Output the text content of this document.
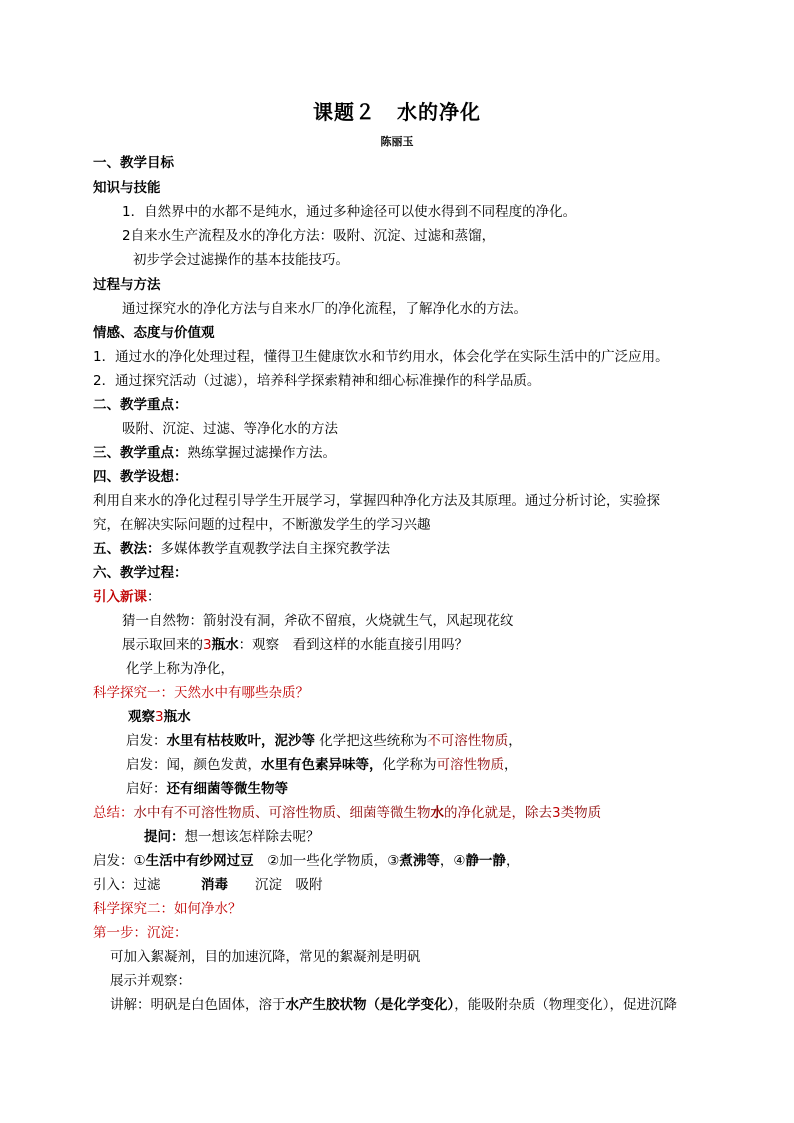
课题２　水的净化
陈丽玉
一、教学目标
知识与技能
1．自然界中的水都不是纯水，通过多种途径可以使水得到不同程度的净化。
2自来水生产流程及水的净化方法：吸附、沉淀、过滤和蒸馏，
初步学会过滤操作的基本技能技巧。
过程与方法
通过探究水的净化方法与自来水厂的净化流程，了解净化水的方法。
情感、态度与价值观
1．通过水的净化处理过程，懂得卫生健康饮水和节约用水，体会化学在实际生活中的广泛应用。
2．通过探究活动（过滤），培养科学探索精神和细心标准操作的科学品质。
二、教学重点：
吸附、沉淀、过滤、等净化水的方法
三、教学重点：熟练掌握过滤操作方法。
四、教学设想：
利用自来水的净化过程引导学生开展学习，掌握四种净化方法及其原理。通过分析讨论，实验探
究，在解决实际问题的过程中，不断激发学生的学习兴趣
五、教法：多媒体教学直观教学法自主探究教学法
六、教学过程：
引入新课：
猜一自然物：箭射没有洞，斧砍不留痕，火烧就生气，风起现花纹
展示取回来的3瓶水：观察　看到这样的水能直接引用吗？
化学上称为净化，
科学探究一：天然水中有哪些杂质？
观察3瓶水
启发：水里有枯枝败叶，泥沙等 化学把这些统称为不可溶性物质，
启发：闻，颜色发黄，水里有色素异味等，化学称为可溶性物质，
启好：还有细菌等微生物等
总结：水中有不可溶性物质、可溶性物质、细菌等微生物水的净化就是，除去3类物质
提问：想一想该怎样除去呢？
启发：①生活中有纱网过豆　②加一些化学物质，③煮沸等，④静一静，
引入：过滤　　　消毒　　沉淀　吸附
科学探究二：如何净水？
第一步：沉淀：
可加入絮凝剂，目的加速沉降，常见的絮凝剂是明矾
展示并观察：
讲解：明矾是白色固体，溶于水产生胶状物（是化学变化），能吸附杂质（物理变化），促进沉降
